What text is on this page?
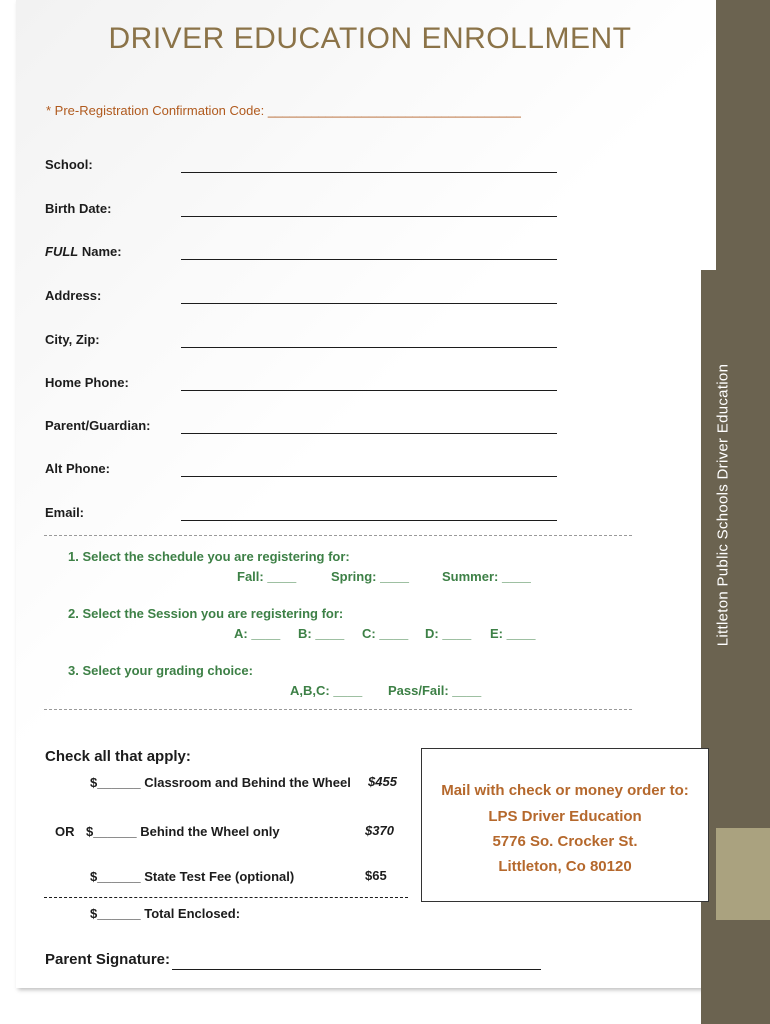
Littleton Public Schools Driver Education
DRIVER EDUCATION ENROLLMENT
* Pre-Registration Confirmation Code: ___________________________________
School:
Birth Date:
FULL Name:
Address:
City, Zip:
Home Phone:
Parent/Guardian:
Alt Phone:
Email:
1. Select the schedule you are registering for:
Fall: ____	Spring: ____	Summer: ____
2. Select the Session you are registering for:
A: ____ B: ____ C: ____ D: ____ E: ____
3. Select your grading choice:
A,B,C: ____ Pass/Fail: ____
Check all that apply:
$______ Classroom and Behind the Wheel $455
OR $______ Behind the Wheel only	$370
$______ State Test Fee (optional)	$65
$______ Total Enclosed:
Parent Signature:
Mail with check or money order to:
LPS Driver Education
5776 So. Crocker St.
Littleton, Co 80120
